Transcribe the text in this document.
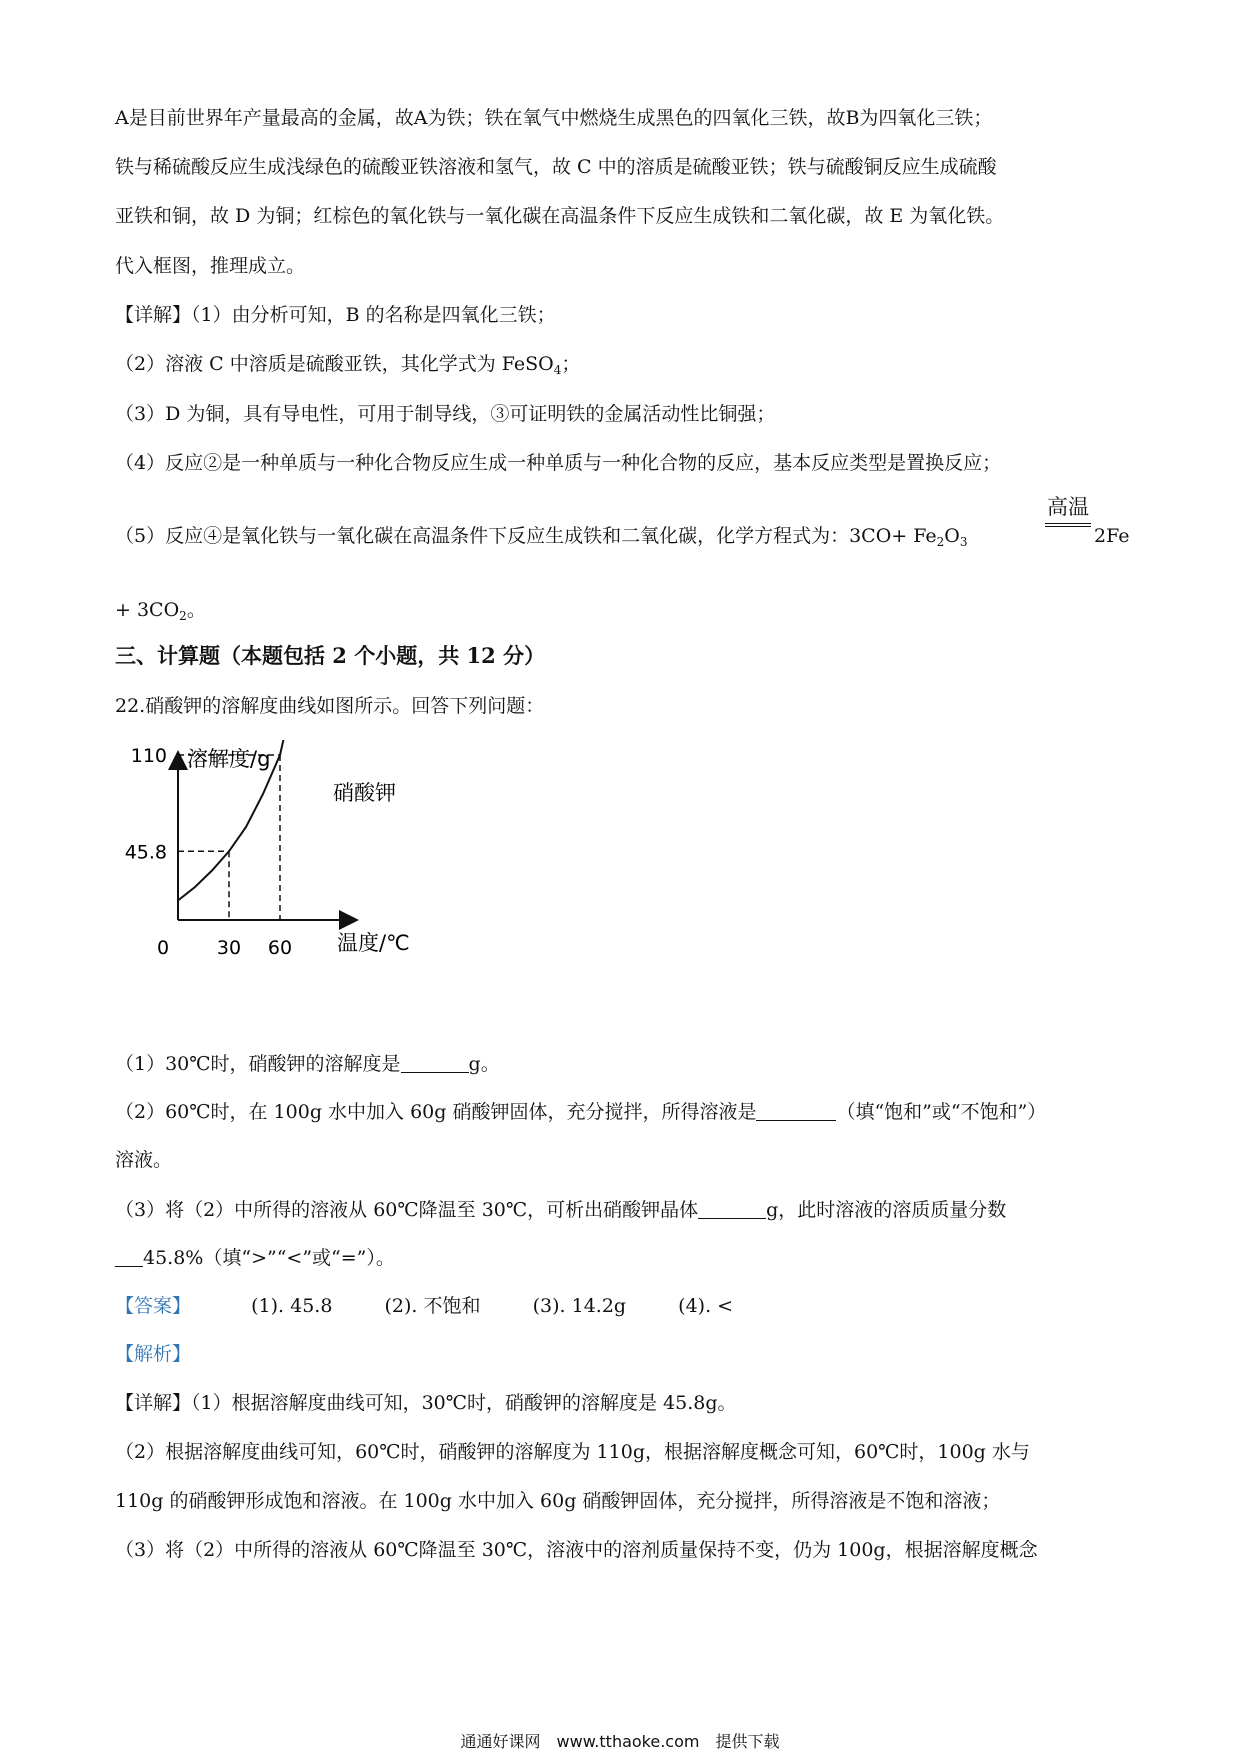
A是目前世界年产量最高的金属，故A为铁；铁在氧气中燃烧生成黑色的四氧化三铁，故B为四氧化三铁；
铁与稀硫酸反应生成浅绿色的硫酸亚铁溶液和氢气，故 C 中的溶质是硫酸亚铁；铁与硫酸铜反应生成硫酸
亚铁和铜，故 D 为铜；红棕色的氧化铁与一氧化碳在高温条件下反应生成铁和二氧化碳，故 E 为氧化铁。
代入框图，推理成立。
【详解】（1）由分析可知，B 的名称是四氧化三铁；
（2）溶液 C 中溶质是硫酸亚铁，其化学式为 FeSO$_4$；
（3）D 为铜，具有导电性，可用于制导线，③可证明铁的金属活动性比铜强；
（4）反应②是一种单质与一种化合物反应生成一种单质与一种化合物的反应，基本反应类型是置换反应；
（5）反应④是氧化铁与一氧化碳在高温条件下反应生成铁和二氧化碳，化学方程式为：$3CO+ Fe_2O_3$
高温
2Fe
+ $3CO_2$。
三、计算题（本题包括 2 个小题，共 12 分）
22.硝酸钾的溶解度曲线如图所示。回答下列问题：
溶解度/g
温度/℃
硝酸钾
0	30 60
45.8
110
（1）30℃时，硝酸钾的溶解度是	g。
（2）60℃时，在 100g 水中加入 60g 硝酸钾固体，充分搅拌，所得溶液是	（填“饱和”或“不饱和”）
溶液。
（3）将（2）中所得的溶液从 60℃降温至 30℃，可析出硝酸钾晶体	g，此时溶液的溶质质量分数
45.8%（填“>”“<”或“=”）。
【答案】	(1). 45.8	(2). 不饱和	(3). 14.2g	(4). <
【解析】
【详解】（1）根据溶解度曲线可知，30℃时，硝酸钾的溶解度是 45.8g。
（2）根据溶解度曲线可知，60℃时，硝酸钾的溶解度为 110g，根据溶解度概念可知，60℃时，100g 水与
110g 的硝酸钾形成饱和溶液。在 100g 水中加入 60g 硝酸钾固体，充分搅拌，所得溶液是不饱和溶液；
（3）将（2）中所得的溶液从 60℃降温至 30℃，溶液中的溶剂质量保持不变，仍为 100g，根据溶解度概念
通通好课网　www.tthaoke.com　提供下载
